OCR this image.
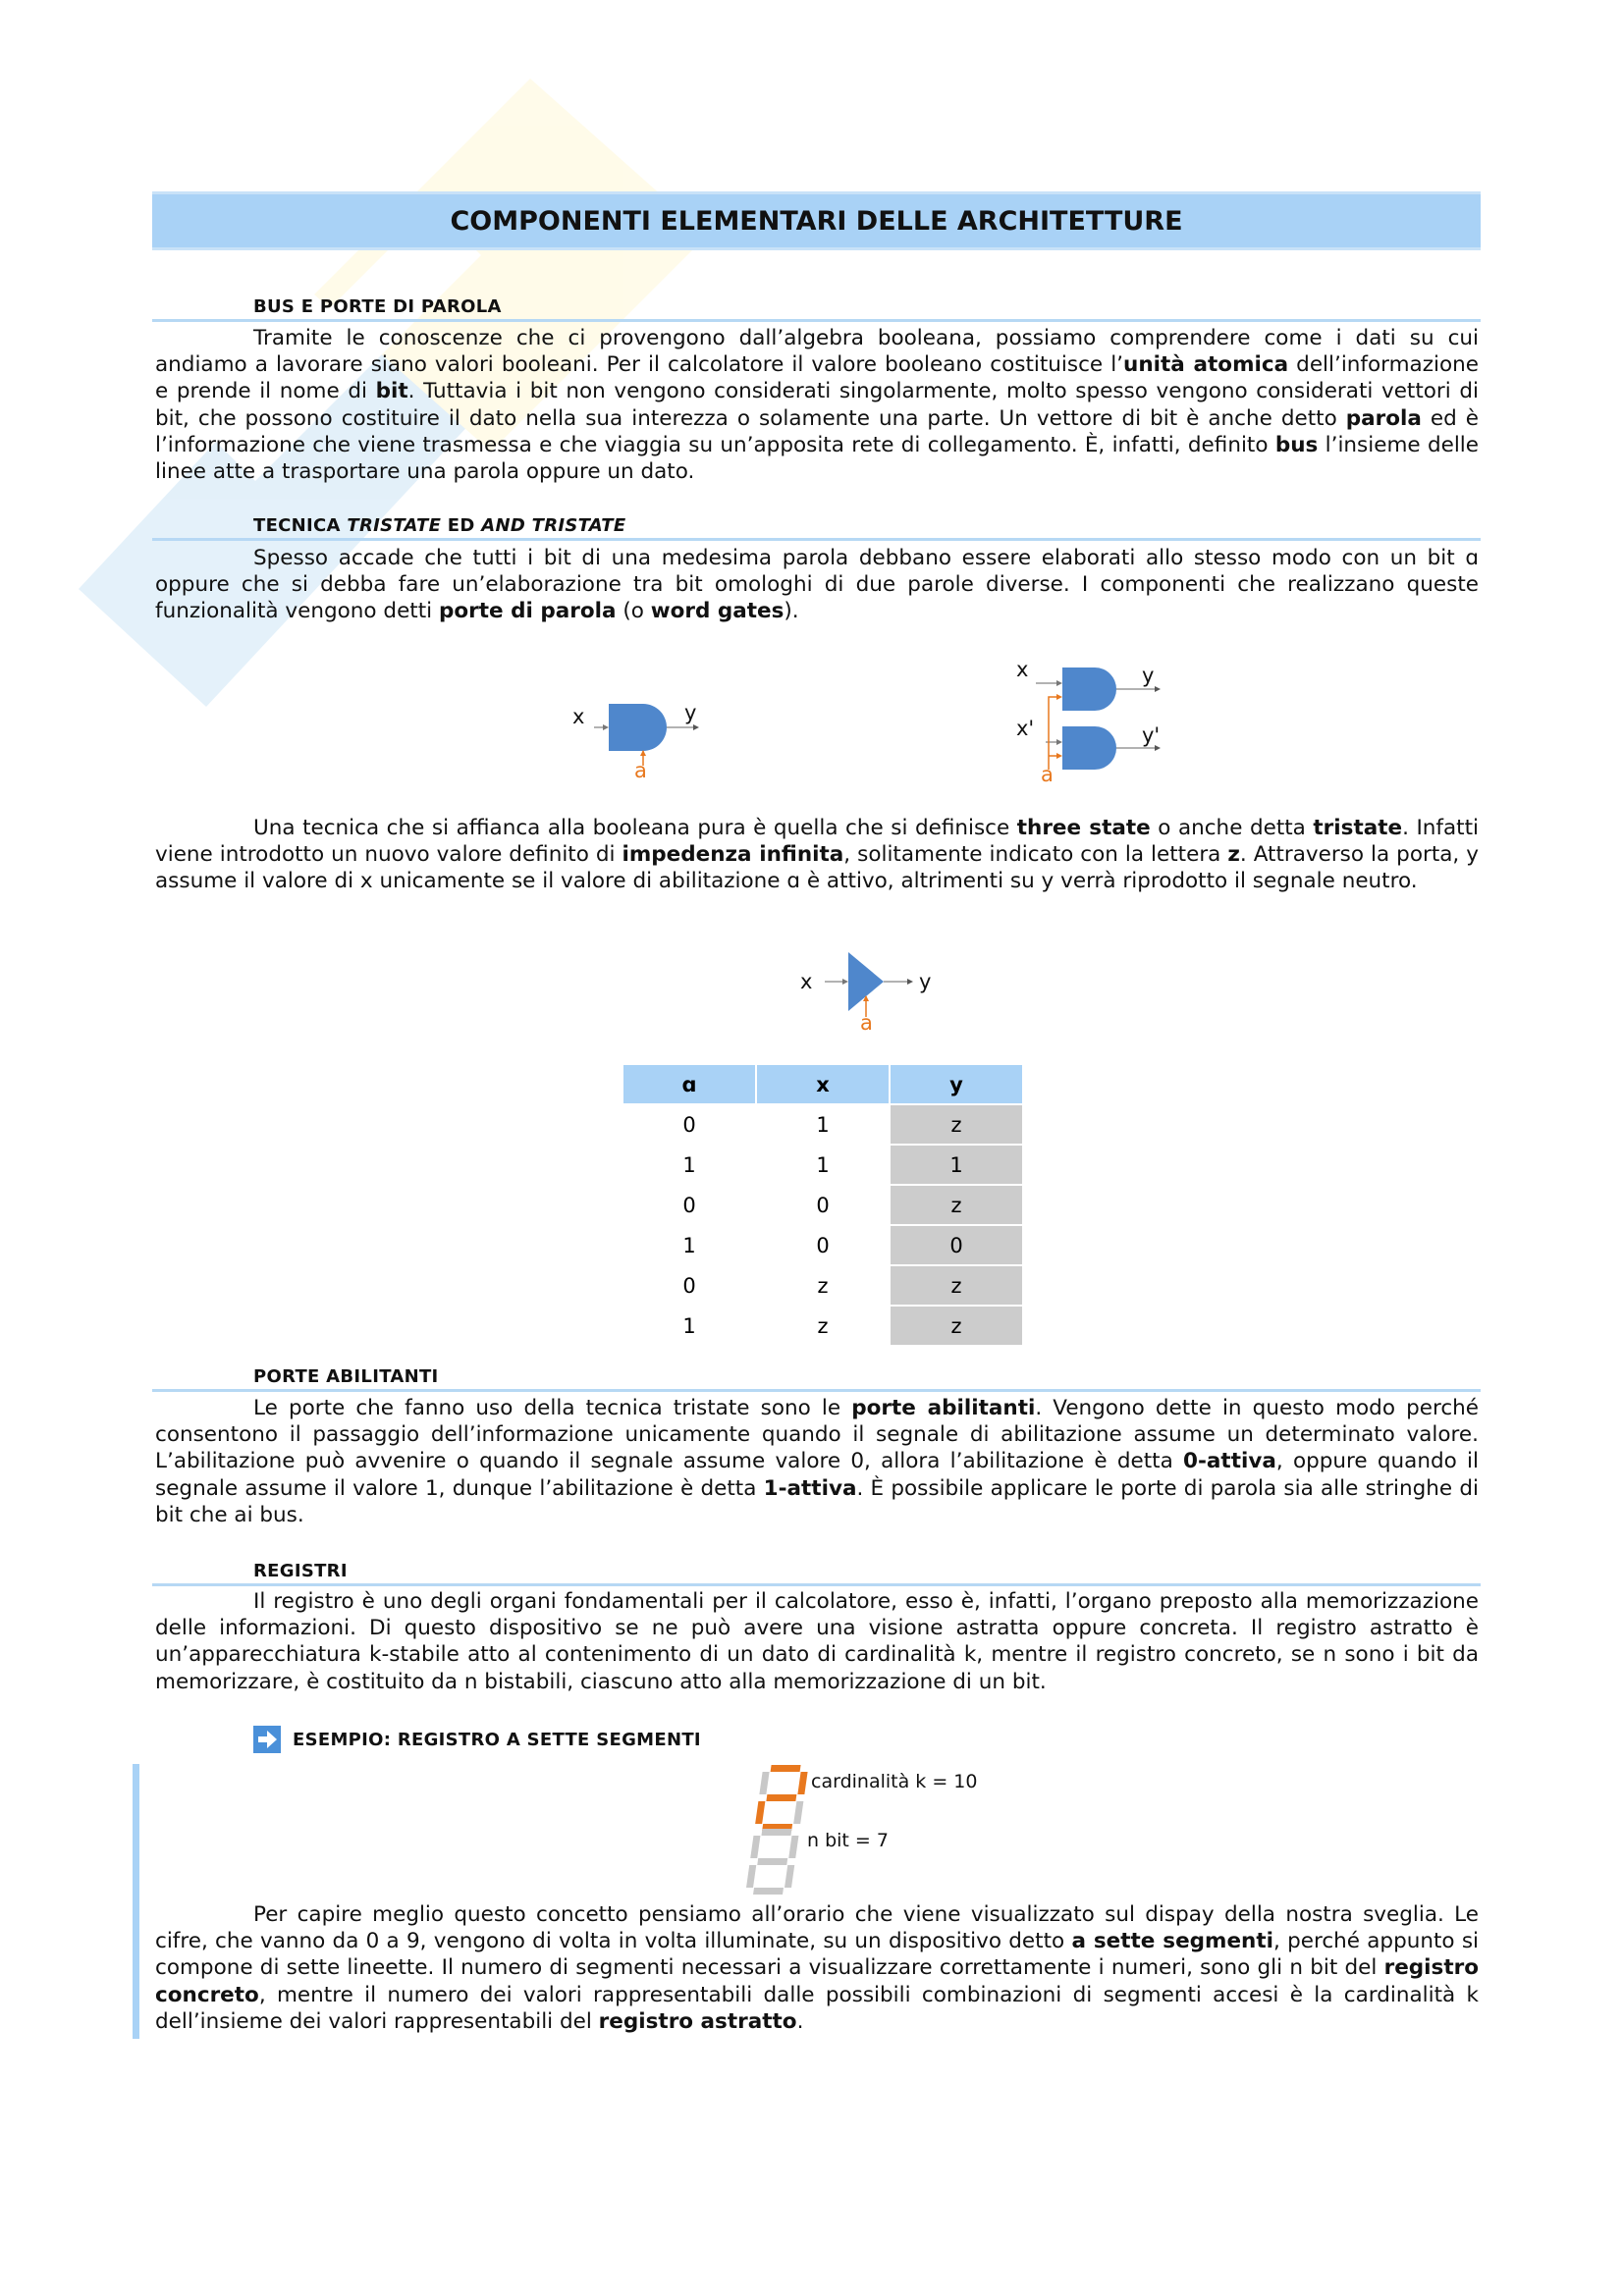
COMPONENTI ELEMENTARI DELLE ARCHITETTURE
BUS E PORTE DI PAROLA

Tramite le conoscenze che ci provengono dall’algebra booleana, possiamo comprendere come i dati su cui andiamo a lavorare siano valori booleani. Per il calcolatore il valore booleano costituisce l’unità atomica dell’informazione e prende il nome di bit. Tuttavia i bit non vengono considerati singolarmente, molto spesso vengono considerati vettori di bit, che possono costituire il dato nella sua interezza o solamente una parte. Un vettore di bit è anche detto parola ed è l’informazione che viene trasmessa e che viaggia su un’apposita rete di collegamento. È, infatti, definito bus l’insieme delle linee atte a trasportare una parola oppure un dato.

TECNICA TRISTATE ED AND TRISTATE

Spesso accade che tutti i bit di una medesima parola debbano essere elaborati allo stesso modo con un bit ɑ oppure che si debba fare un’elaborazione tra bit omologhi di due parole diverse. I componenti che realizzano queste funzionalità vengono detti porte di parola (o word gates).

x	y
a
x
x'
y
y'
a

Una tecnica che si affianca alla booleana pura è quella che si definisce three state o anche detta tristate. Infatti viene introdotto un nuovo valore definito di impedenza infinita, solitamente indicato con la lettera z. Attraverso la porta, y assume il valore di x unicamente se il valore di abilitazione ɑ è attivo, altrimenti su y verrà riprodotto il segnale neutro.

x	y
a
ɑ	x	y
0	1	z
1	1	1
0	0	z
1	0	0
0	z	z
1	z	z
PORTE ABILITANTI

Le porte che fanno uso della tecnica tristate sono le porte abilitanti. Vengono dette in questo modo perché consentono il passaggio dell’informazione unicamente quando il segnale di abilitazione assume un determinato valore. L’abilitazione può avvenire o quando il segnale assume valore 0, allora l’abilitazione è detta 0-attiva, oppure quando il segnale assume il valore 1, dunque l’abilitazione è detta 1-attiva. È possibile applicare le porte di parola sia alle stringhe di bit che ai bus.

REGISTRI

Il registro è uno degli organi fondamentali per il calcolatore, esso è, infatti, l’organo preposto alla memorizzazione delle informazioni. Di questo dispositivo se ne può avere una visione astratta oppure concreta. Il registro astratto è un’apparecchiatura k-stabile atto al contenimento di un dato di cardinalità k, mentre il registro concreto, se n sono i bit da memorizzare, è costituito da n bistabili, ciascuno atto alla memorizzazione di un bit.

ESEMPIO: REGISTRO A SETTE SEGMENTI
cardinalità k = 10
n bit = 7

Per capire meglio questo concetto pensiamo all’orario che viene visualizzato sul dispay della nostra sveglia. Le cifre, che vanno da 0 a 9, vengono di volta in volta illuminate, su un dispositivo detto a sette segmenti, perché appunto si compone di sette lineette. Il numero di segmenti necessari a visualizzare correttamente i numeri, sono gli n bit del registro concreto, mentre il numero dei valori rappresentabili dalle possibili combinazioni di segmenti accesi è la cardinalità k dell’insieme dei valori rappresentabili del registro astratto.
